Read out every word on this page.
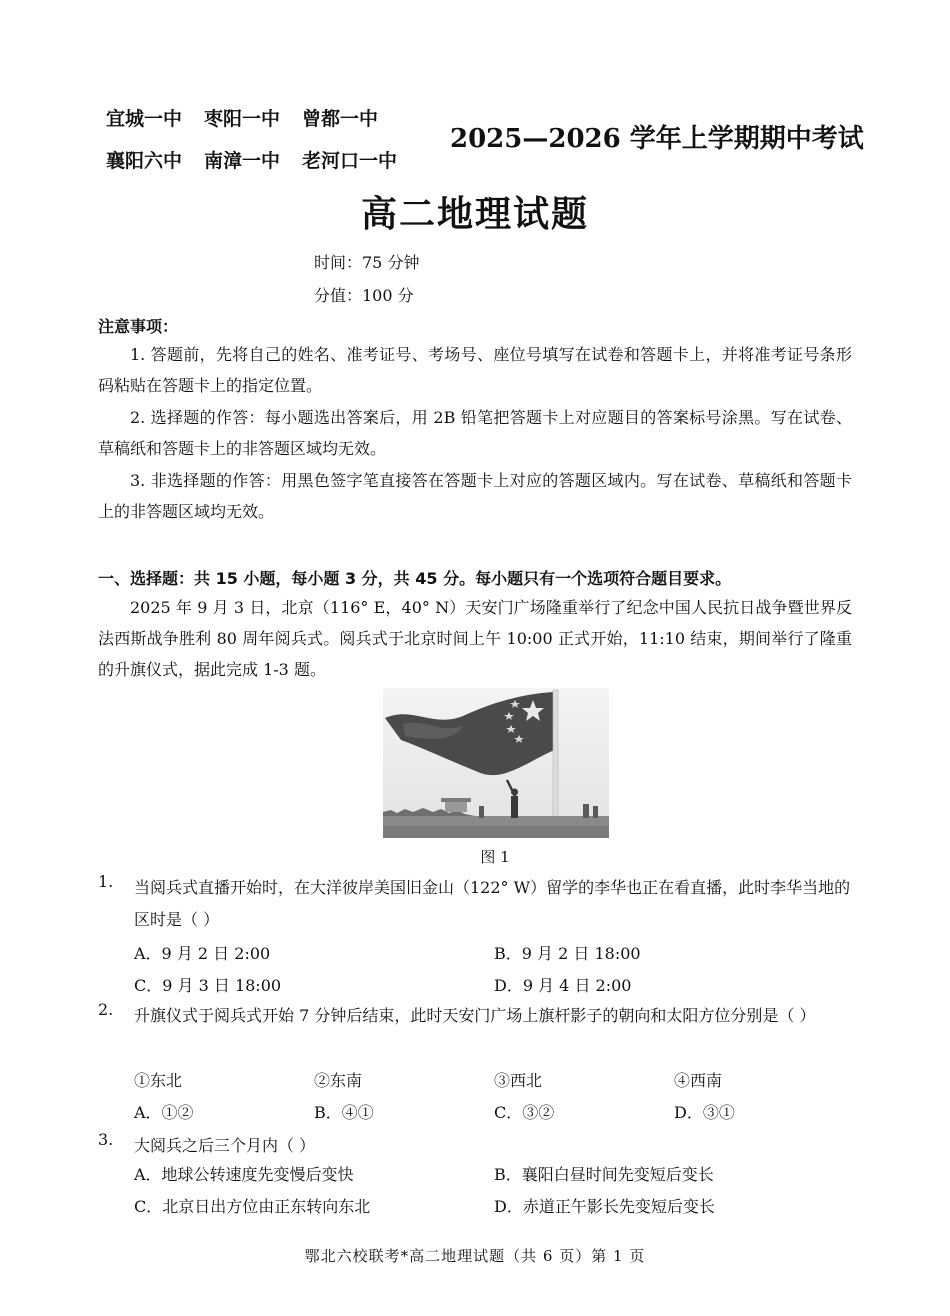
宜城一中 枣阳一中 曾都一中
襄阳六中 南漳一中 老河口一中
2025—2026 学年上学期期中考试
高二地理试题
时间：75 分钟
分值：100 分
注意事项：
1. 答题前，先将自己的姓名、准考证号、考场号、座位号填写在试卷和答题卡上，并将准考证号条形码粘贴在答题卡上的指定位置。
2. 选择题的作答：每小题选出答案后，用 2B 铅笔把答题卡上对应题目的答案标号涂黑。写在试卷、草稿纸和答题卡上的非答题区域均无效。
3. 非选择题的作答：用黑色签字笔直接答在答题卡上对应的答题区域内。写在试卷、草稿纸和答题卡上的非答题区域均无效。
一、选择题：共 15 小题，每小题 3 分，共 45 分。每小题只有一个选项符合题目要求。
2025 年 9 月 3 日，北京（116° E，40° N）天安门广场隆重举行了纪念中国人民抗日战争暨世界反法西斯战争胜利 80 周年阅兵式。阅兵式于北京时间上午 10:00 正式开始，11:10 结束，期间举行了隆重的升旗仪式，据此完成 1-3 题。
图 1
1. 当阅兵式直播开始时，在大洋彼岸美国旧金山（122° W）留学的李华也正在看直播，此时李华当地的区时是（ ）
A．9 月 2 日 2:00	B．9 月 2 日 18:00
C．9 月 3 日 18:00	D．9 月 4 日 2:00
2. 升旗仪式于阅兵式开始 7 分钟后结束，此时天安门广场上旗杆影子的朝向和太阳方位分别是（ ）
①东北	②东南	③西北	④西南
A．①②	B．④①	C．③②	D．③①
3. 大阅兵之后三个月内（ ）
A．地球公转速度先变慢后变快	B．襄阳白昼时间先变短后变长
C．北京日出方位由正东转向东北	D．赤道正午影长先变短后变长
鄂北六校联考*高二地理试题（共 6 页）第 1 页
